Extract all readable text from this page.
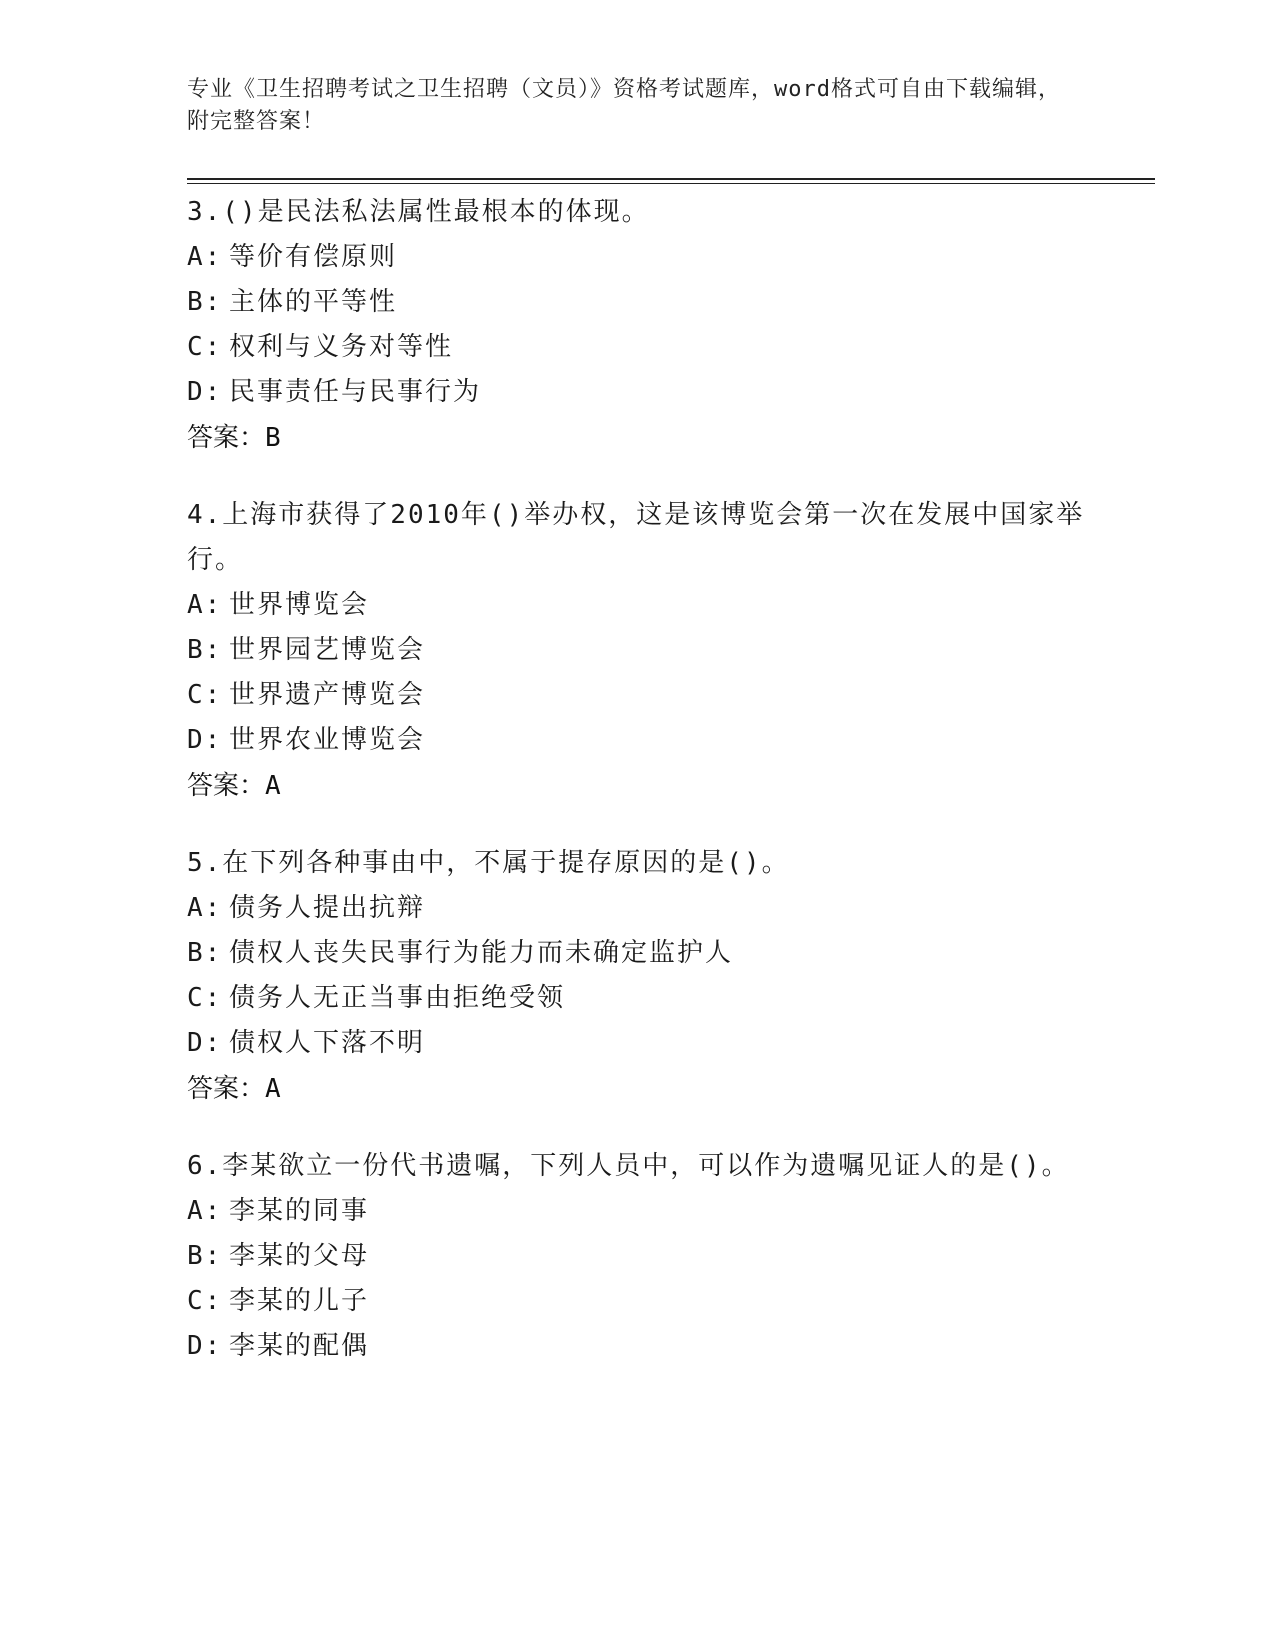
专业《卫生招聘考试之卫生招聘（文员）》资格考试题库，word格式可自由下载编辑，附完整答案！
3.()是民法私法属性最根本的体现。
A: 等价有偿原则
B: 主体的平等性
C: 权利与义务对等性
D: 民事责任与民事行为
答案：B
4.上海市获得了2010年()举办权，这是该博览会第一次在发展中国家举行。
A: 世界博览会
B: 世界园艺博览会
C: 世界遗产博览会
D: 世界农业博览会
答案：A
5.在下列各种事由中，不属于提存原因的是()。
A: 债务人提出抗辩
B: 债权人丧失民事行为能力而未确定监护人
C: 债务人无正当事由拒绝受领
D: 债权人下落不明
答案：A
6.李某欲立一份代书遗嘱，下列人员中，可以作为遗嘱见证人的是()。
A: 李某的同事
B: 李某的父母
C: 李某的儿子
D: 李某的配偶
